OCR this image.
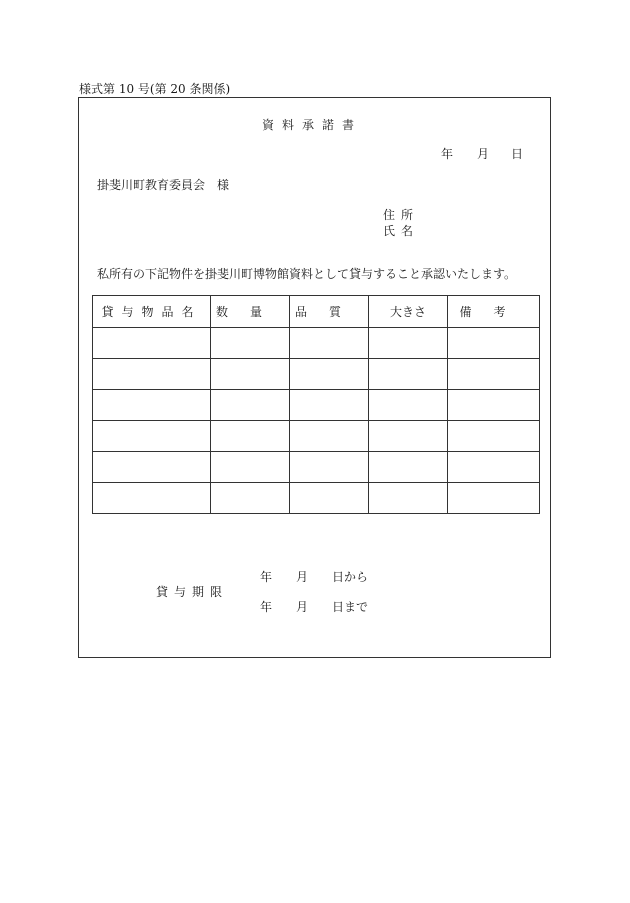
様式第 10 号(第 20 条関係)
資料承諾書
年 月 日
掛斐川町教育委員会　様
住所
氏名
私所有の下記物件を掛斐川町博物館資料として貸与すること承認いたします。
貸与物品名	数量	品質	大きさ	備考

貸与期限
年 月 日から
年 月 日まで
